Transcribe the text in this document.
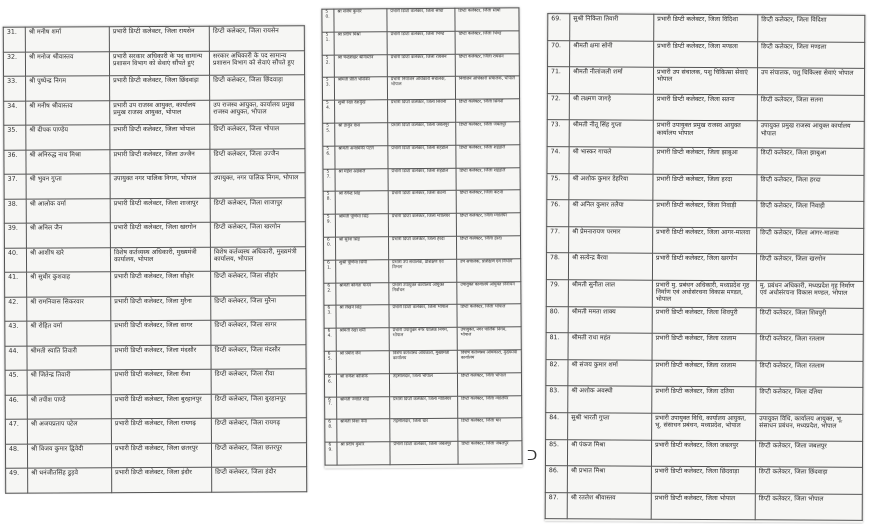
31.	श्री मनीष शर्मा	प्रभारी डिप्टी कलेक्टर, जिला रायसेन	डिप्टी कलेक्टर, जिला रायसेन
32.	श्री मनोज श्रीवास्तव	प्रभारी सरकार अधिकारी के पद सामान्य प्रशासन विभाग को सेवाएं सौंपते हुए	सरकार अधिकारी के पद सामान्य प्रशासन विभाग को सेवाएं सौंपते हुए
33.	श्री पुष्पेन्द्र निगम	प्रभारी डिप्टी कलेक्टर, जिला छिंदवाड़ा	डिप्टी कलेक्टर, जिला छिंदवाड़ा
34.	श्री मनीष श्रीवास्तव	प्रभारी उप राजस्व आयुक्त, कार्यालय प्रमुख राजस्व आयुक्त, भोपाल	उप राजस्व आयुक्त, कार्यालय प्रमुख राजस्व आयुक्त, भोपाल
35.	श्री दीपक पाण्डेय	प्रभारी डिप्टी कलेक्टर, जिला भोपाल	डिप्टी कलेक्टर, जिला भोपाल
36.	श्री अनिरुद्ध नाथ मिश्रा	प्रभारी डिप्टी कलेक्टर, जिला उज्जैन	डिप्टी कलेक्टर, जिला उज्जैन
37.	श्री भुवन गुप्ता	उपायुक्त नगर पालिक निगम, भोपाल	उपायुक्त, नगर पालिक निगम, भोपाल
38.	श्री आलोक वर्मा	प्रभारी डिप्टी कलेक्टर, जिला शाजापुर	डिप्टी कलेक्टर, जिला शाजापुर
39.	श्री अनिल जैन	प्रभारी डिप्टी कलेक्टर, जिला खरगोन	डिप्टी कलेक्टर, जिला खरगोन
40.	श्री आशीष खरे	विशेष कर्तव्यस्थ अधिकारी, मुख्यमंत्री कार्यालय, भोपाल	विशेष कर्तव्यस्थ अधिकारी, मुख्यमंत्री कार्यालय, भोपाल
41.	श्री सुधीर कुशवाह	प्रभारी डिप्टी कलेक्टर, जिला सीहोर	डिप्टी कलेक्टर, जिला सीहोर
42.	श्री रामनिवास सिकरवार	प्रभारी डिप्टी कलेक्टर, जिला मुरैना	डिप्टी कलेक्टर, जिला मुरैना
43.	श्री रोहित वर्मा	प्रभारी डिप्टी कलेक्टर, जिला सागर	डिप्टी कलेक्टर, जिला सागर
44.	श्रीमती स्वाति तिवारी	प्रभारी डिप्टी कलेक्टर, जिला मंदसौर	डिप्टी कलेक्टर, जिला मंदसौर
45.	श्री जितेन्द्र तिवारी	प्रभारी डिप्टी कलेक्टर, जिला रीवा	डिप्टी कलेक्टर, जिला रीवा
46.	श्री तपीश पाण्डे	प्रभारी डिप्टी कलेक्टर, जिला बुरहानपुर	डिप्टी कलेक्टर, जिला बुरहानपुर
47.	श्री अजयप्रताप पटेल	प्रभारी डिप्टी कलेक्टर, जिला रायगढ़	डिप्टी कलेक्टर, जिला रायगढ़
48.	श्री विजय कुमार द्विवेदी	प्रभारी डिप्टी कलेक्टर, जिला छतरपुर	डिप्टी कलेक्टर, जिला छतरपुर
49.	श्री धनंजीतसिंह डुड़वे	प्रभारी डिप्टी कलेक्टर, जिला इंदौर	डिप्टी कलेक्टर, जिला इंदौर
50.	श्री संजय कुमार	प्रभारी डिप्टी कलेक्टर, जिला सीधी	डिप्टी कलेक्टर, जिला सीधी
51.	श्री प्रदीप मिश्रा	प्रभारी डिप्टी कलेक्टर, जिला भिण्ड	डिप्टी कलेक्टर, जिला भिण्ड
52.	श्री चन्द्रशेखर श्रीवास्तव	प्रभारी डिप्टी कलेक्टर, जिला रायसेन	डिप्टी कलेक्टर, जिला रायसेन
53.	श्रीमती प्रीति भीसेकर	प्रभारी नियोजन अधिकारी संचालक, भोपाल	नियोजन अधिकारी संचालक, भोपाल
54.	सुश्री रेखा देशमुख	प्रभारी डिप्टी कलेक्टर, जिला सिवनी	डिप्टी कलेक्टर, जिला सिवनी
55.	श्री ठाकुर दास	प्रभारी डिप्टी कलेक्टर, जिला जबलपुर	डिप्टी कलेक्टर, जिला जबलपुर
56.	श्रीमती अनामिका पटेल	प्रभारी डिप्टी कलेक्टर, जिला शहडोल	डिप्टी कलेक्टर, जिला शहडोल
57.	श्री महेश अग्रवाल	प्रभारी डिप्टी कलेक्टर, जिला शहडोल	डिप्टी कलेक्टर, जिला शहडोल
58.	श्री देवेन्द्र सिंह	प्रभारी डिप्टी कलेक्टर, जिला कटनी	डिप्टी कलेक्टर, जिला कटनी
59.	श्रीमती पूर्णिमा सिंह	प्रभारी डिप्टी कलेक्टर, जिला ग्वालियर	डिप्टी कलेक्टर, जिला ग्वालियर
60.	श्री सुरेश सिंह	प्रभारी डिप्टी कलेक्टर, जिला हरदा	डिप्टी कलेक्टर, जिला हरदा
61.	सुश्री पूर्णिमा सिंघी	प्रभारी उप संचालक, प्रशिक्षण एवं विभाग	उप संचालक, प्रशिक्षण एवं विभाग
62.	श्रीमती कविता यादव	प्रभारी उपायुक्त कार्यालय आयुक्त निर्वाचन	उपायुक्त कार्यालय आयुक्त निर्वाचन
63.	श्री लखन सिंह	प्रभारी डिप्टी कलेक्टर, जिला भोपाल	डिप्टी कलेक्टर, जिला भोपाल
64.	श्रीमती रेखा शर्मा	प्रभारी उपायुक्त नगर पालिक निगम, भोपाल	उपायुक्त, नगर पालिक निगम, भोपाल
65.	श्री प्रमोद जैन	विशेष कर्तव्यस्थ अधिकारी, मुख्यमंत्री कार्यालय	विशेष कर्तव्यस्थ अधिकारी, मुख्यमंत्री कार्यालय
66.	श्री राकेश कौशिक	तहसीलदार, जिला भोपाल	डिप्टी कलेक्टर, जिला भोपाल
67.	श्रीमती ज्योति शाह	प्रभारी डिप्टी कलेक्टर, जिला ग्वालियर	डिप्टी कलेक्टर, जिला ग्वालियर
68.	श्रीमती निशा वर्मा	तहसीलदार, जिला धार	डिप्टी कलेक्टर, जिला धार
69.	श्री प्रदीप कुमार	प्रभारी डिप्टी कलेक्टर, जिला जबलपुर	डिप्टी कलेक्टर, जिला जबलपुर
ᑐ
69.	सुश्री निकिता तिवारी	प्रभारी डिप्टी कलेक्टर, जिला विदिशा	डिप्टी कलेक्टर, जिला विदिशा
70.	श्रीमती क्षमा सोनी	प्रभारी डिप्टी कलेक्टर, जिला मण्डला	डिप्टी कलेक्टर, जिला मण्डला
71.	श्रीमती नीलांजली शर्मा	प्रभारी उप संचालक, पशु चिकित्सा सेवाएं भोपाल	उप संचालक, पशु चिकित्सा सेवाएं भोपाल
72.	श्री लक्ष्मण जागड़े	प्रभारी डिप्टी कलेक्टर, जिला सतना	डिप्टी कलेक्टर, जिला सतना
73.	श्रीमती नीतू सिंह गुप्ता	प्रभारी उपायुक्त प्रमुख राजस्व आयुक्त कार्यालय भोपाल	उपायुक्त प्रमुख राजस्व आयुक्त कार्यालय भोपाल
74.	श्री भास्कर गाचले	प्रभारी डिप्टी कलेक्टर, जिला झाबुआ	डिप्टी कलेक्टर, जिला झाबुआ
75.	श्री अशोक कुमार डेहरिया	प्रभारी डिप्टी कलेक्टर, जिला हरदा	डिप्टी कलेक्टर, जिला हरदा
76.	श्री अनिल कुमार तलैया	प्रभारी डिप्टी कलेक्टर, जिला निवाड़ी	डिप्टी कलेक्टर, जिला निवाड़ी
77.	श्री प्रेमनारायण परमार	प्रभारी डिप्टी कलेक्टर, जिला आगर-मालवा	डिप्टी कलेक्टर, जिला आगर-मालवा
78.	श्री सत्येन्द्र बैरवा	प्रभारी डिप्टी कलेक्टर, जिला खरगोन	डिप्टी कलेक्टर, जिला खरगोन
79.	श्रीमती सुनीता लाल	प्रभारी मु. प्रबंधन अधिकारी, मध्यप्रदेश गृह निर्माण एवं अधोसंरचना विकास मण्डल, भोपाल	मु. प्रबंधन अधिकारी, मध्यप्रदेश गृह निर्माण एवं अधोसंरचना विकास मण्डल, भोपाल
80.	श्रीमती ममता शाक्य	प्रभारी डिप्टी कलेक्टर, जिला शिवपुरी	डिप्टी कलेक्टर, जिला शिवपुरी
81.	श्रीमती राधा महंत	प्रभारी डिप्टी कलेक्टर, जिला रतलाम	डिप्टी कलेक्टर, जिला रतलाम
82.	श्री संजय कुमार शर्मा	प्रभारी डिप्टी कलेक्टर, जिला रतलाम	डिप्टी कलेक्टर, जिला रतलाम
83.	श्री अशोक अवस्थी	प्रभारी डिप्टी कलेक्टर, जिला दतिया	डिप्टी कलेक्टर, जिला दतिया
84.	सुश्री भारती गुप्ता	प्रभारी उपायुक्त विधि, कार्यालय आयुक्त, भू. संसाधन प्रबंधन, मध्यप्रदेश, भोपाल	उपायुक्त विधि, कार्यालय आयुक्त, भू. संसाधन प्रबंधन, मध्यप्रदेश, भोपाल
85.	श्री पंकज मिश्रा	प्रभारी डिप्टी कलेक्टर, जिला जबलपुर	डिप्टी कलेक्टर, जिला जबलपुर
86.	श्री प्रभात मिश्रा	प्रभारी डिप्टी कलेक्टर, जिला छिंदवाड़ा	डिप्टी कलेक्टर, जिला छिंदवाड़ा
87.	श्री रतलेश श्रीवास्तव	प्रभारी डिप्टी कलेक्टर, जिला भोपाल	डिप्टी कलेक्टर, जिला भोपाल
